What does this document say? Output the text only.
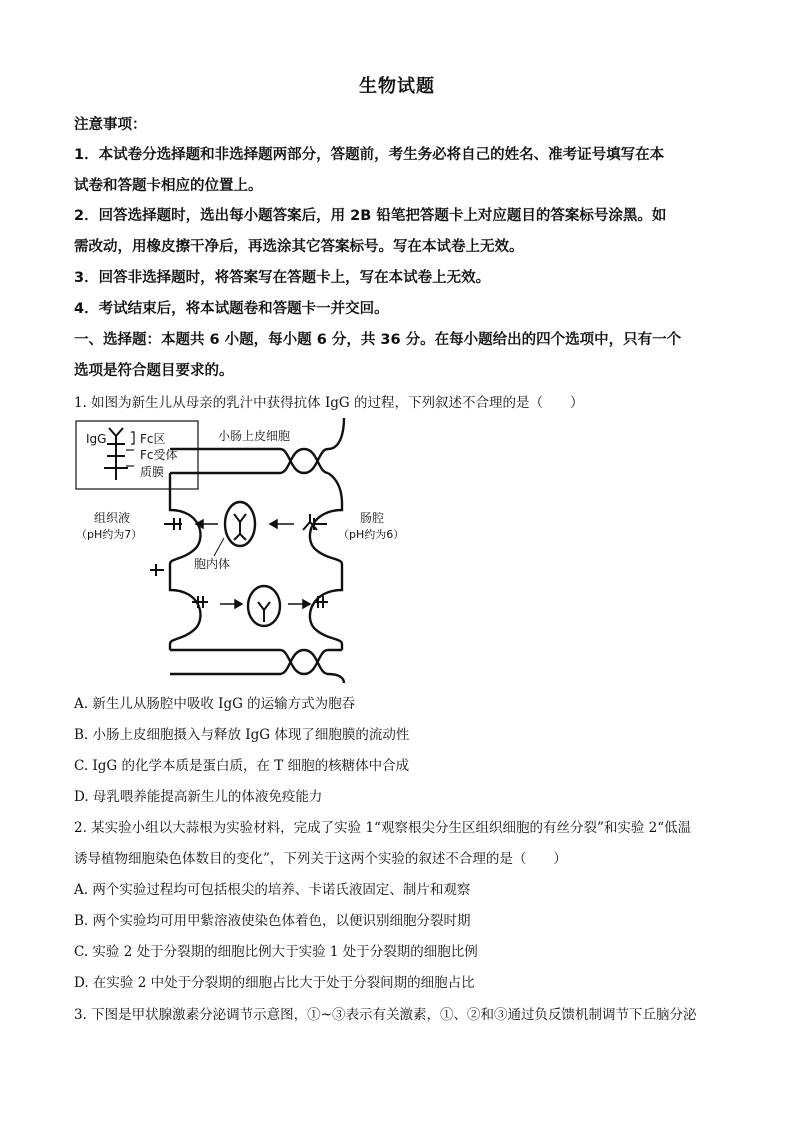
生物试题
注意事项：
1．本试卷分选择题和非选择题两部分，答题前，考生务必将自己的姓名、准考证号填写在本
试卷和答题卡相应的位置上。
2．回答选择题时，选出每小题答案后，用 2B 铅笔把答题卡上对应题目的答案标号涂黑。如
需改动，用橡皮擦干净后，再选涂其它答案标号。写在本试卷上无效。
3．回答非选择题时，将答案写在答题卡上，写在本试卷上无效。
4．考试结束后，将本试题卷和答题卡一并交回。
一、选择题：本题共 6 小题，每小题 6 分，共 36 分。在每小题给出的四个选项中，只有一个
选项是符合题目要求的。
1. 如图为新生儿从母亲的乳汁中获得抗体 IgG 的过程，下列叙述不合理的是（　　）
IgG	Fc区
Fc受体
质膜
小肠上皮细胞
组织液
（pH约为7）
肠腔
（pH约为6）
胞内体
A. 新生儿从肠腔中吸收 IgG 的运输方式为胞吞
B. 小肠上皮细胞摄入与释放 IgG 体现了细胞膜的流动性
C. IgG 的化学本质是蛋白质，在 T 细胞的核糖体中合成
D. 母乳喂养能提高新生儿的体液免疫能力
2. 某实验小组以大蒜根为实验材料，完成了实验 1“观察根尖分生区组织细胞的有丝分裂”和实验 2“低温
诱导植物细胞染色体数目的变化”，下列关于这两个实验的叙述不合理的是（　　）
A. 两个实验过程均可包括根尖的培养、卡诺氏液固定、制片和观察
B. 两个实验均可用甲紫溶液使染色体着色，以便识别细胞分裂时期
C. 实验 2 处于分裂期的细胞比例大于实验 1 处于分裂期的细胞比例
D. 在实验 2 中处于分裂期的细胞占比大于处于分裂间期的细胞占比
3. 下图是甲状腺激素分泌调节示意图，①~③表示有关激素，①、②和③通过负反馈机制调节下丘脑分泌
